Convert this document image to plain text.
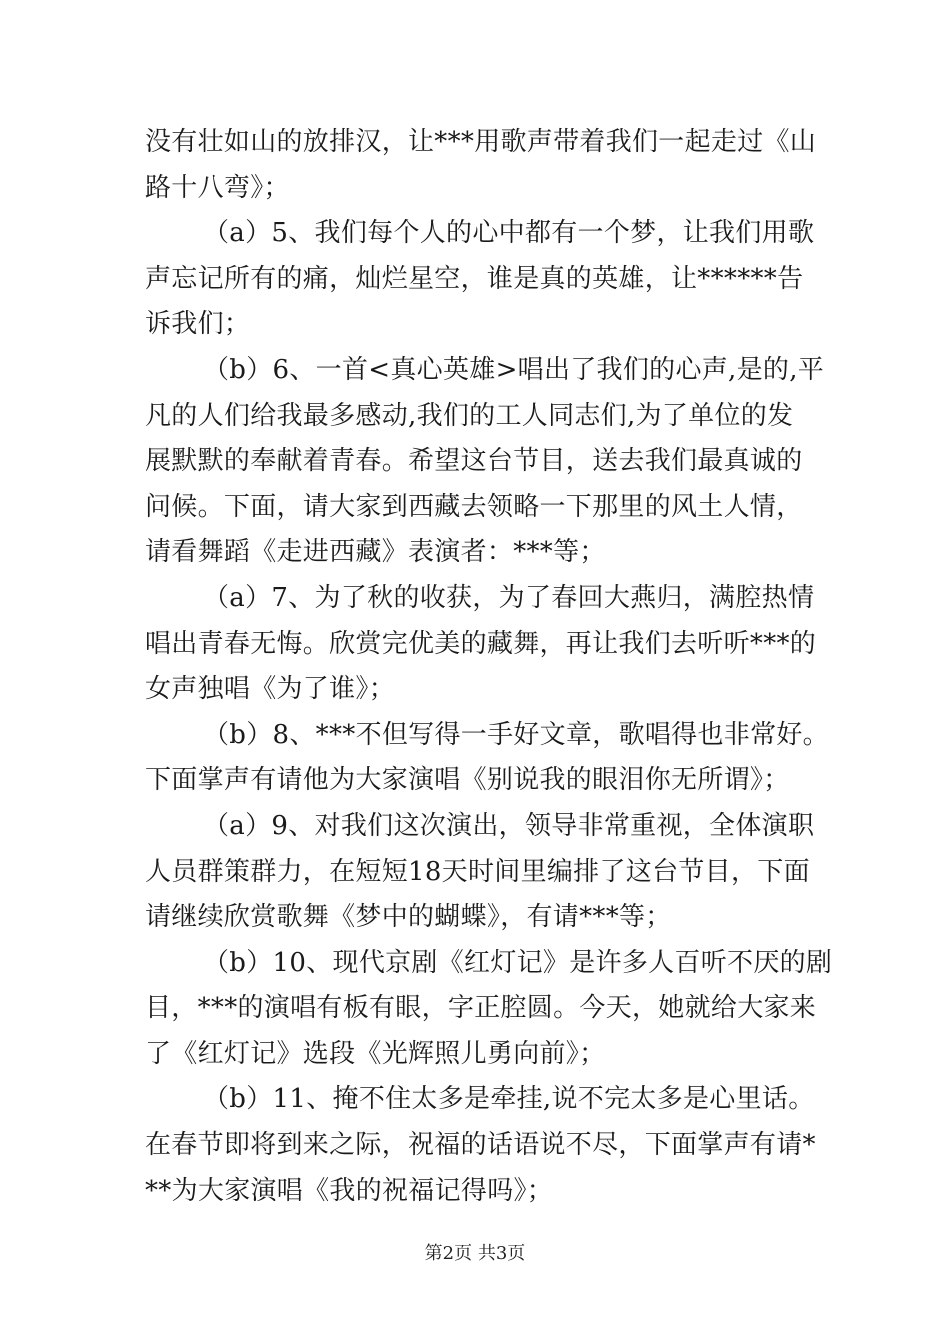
没有壮如山的放排汉，让***用歌声带着我们一起走过《山
路十八弯》；
（a）5、我们每个人的心中都有一个梦，让我们用歌
声忘记所有的痛，灿烂星空，谁是真的英雄，让******告
诉我们；
（b）6、一首<真心英雄>唱出了我们的心声,是的,平
凡的人们给我最多感动,我们的工人同志们,为了单位的发
展默默的奉献着青春。希望这台节目，送去我们最真诚的
问候。下面，请大家到西藏去领略一下那里的风土人情，
请看舞蹈《走进西藏》表演者：***等；
（a）7、为了秋的收获，为了春回大燕归，满腔热情
唱出青春无悔。欣赏完优美的藏舞，再让我们去听听***的
女声独唱《为了谁》；
（b）8、***不但写得一手好文章，歌唱得也非常好。
下面掌声有请他为大家演唱《别说我的眼泪你无所谓》；
（a）9、对我们这次演出，领导非常重视，全体演职
人员群策群力，在短短18天时间里编排了这台节目，下面
请继续欣赏歌舞《梦中的蝴蝶》，有请***等；
（b）10、现代京剧《红灯记》是许多人百听不厌的剧
目，***的演唱有板有眼，字正腔圆。今天，她就给大家来
了《红灯记》选段《光辉照儿勇向前》；
（b）11、掩不住太多是牵挂,说不完太多是心里话。
在春节即将到来之际，祝福的话语说不尽，下面掌声有请*
**为大家演唱《我的祝福记得吗》；
第2页 共3页
